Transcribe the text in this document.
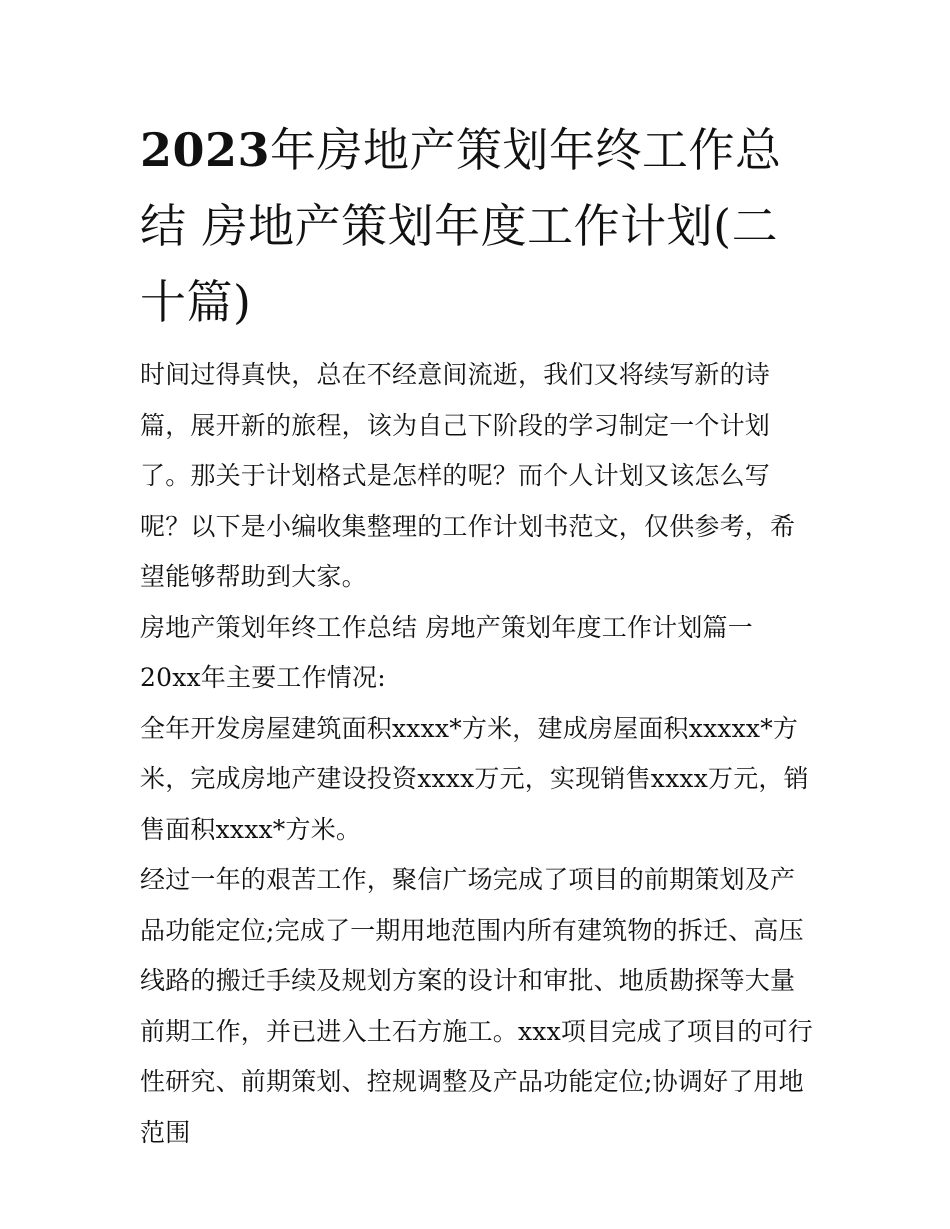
2023年房地产策划年终工作总结 房地产策划年度工作计划(二十篇)

时间过得真快，总在不经意间流逝，我们又将续写新的诗篇，展开新的旅程，该为自己下阶段的学习制定一个计划了。那关于计划格式是怎样的呢？而个人计划又该怎么写呢？以下是小编收集整理的工作计划书范文，仅供参考，希望能够帮助到大家。

房地产策划年终工作总结 房地产策划年度工作计划篇一 20xx年主要工作情况:

全年开发房屋建筑面积xxxx*方米，建成房屋面积xxxxx*方米，完成房地产建设投资xxxx万元，实现销售xxxx万元，销售面积xxxx*方米。

经过一年的艰苦工作，聚信广场完成了项目的前期策划及产品功能定位;完成了一期用地范围内所有建筑物的拆迁、高压线路的搬迁手续及规划方案的设计和审批、地质勘探等大量前期工作，并已进入土石方施工。xxx项目完成了项目的可行性研究、前期策划、控规调整及产品功能定位;协调好了用地范围
